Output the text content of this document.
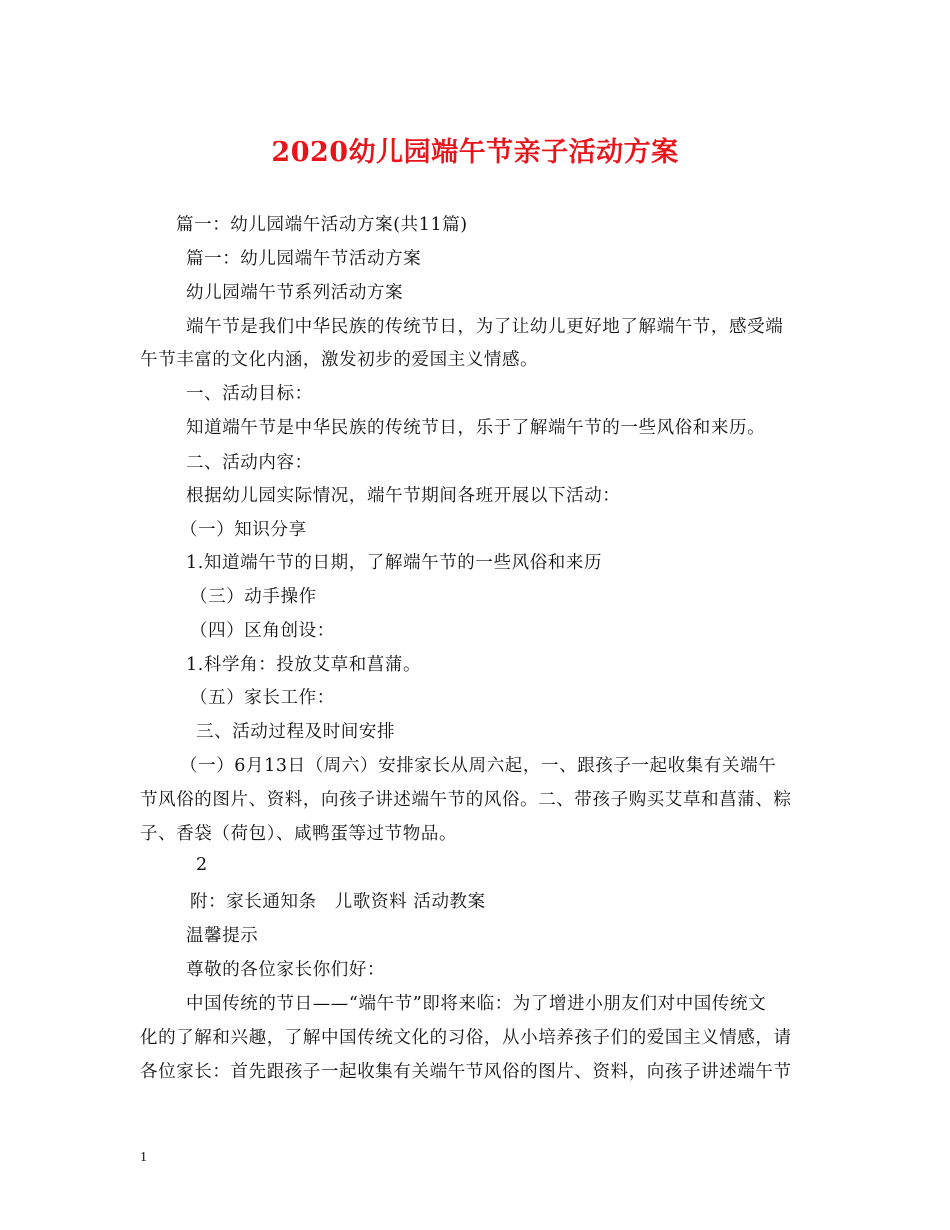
2020幼儿园端午节亲子活动方案
篇一：幼儿园端午活动方案(共11篇)
篇一：幼儿园端午节活动方案
幼儿园端午节系列活动方案
端午节是我们中华民族的传统节日，为了让幼儿更好地了解端午节，感受端
午节丰富的文化内涵，激发初步的爱国主义情感。
一、活动目标：
知道端午节是中华民族的传统节日，乐于了解端午节的一些风俗和来历。
二、活动内容：
根据幼儿园实际情况，端午节期间各班开展以下活动：
（一）知识分享
1.知道端午节的日期，了解端午节的一些风俗和来历
（三）动手操作
（四）区角创设：
1.科学角：投放艾草和菖蒲。
（五）家长工作：
三、活动过程及时间安排
（一）6月13日（周六）安排家长从周六起，一、跟孩子一起收集有关端午
节风俗的图片、资料，向孩子讲述端午节的风俗。二、带孩子购买艾草和菖蒲、粽
子、香袋（荷包）、咸鸭蛋等过节物品。
2
附：家长通知条　儿歌资料 活动教案
温馨提示
尊敬的各位家长你们好：
中国传统的节日——“端午节”即将来临：为了增进小朋友们对中国传统文
化的了解和兴趣，了解中国传统文化的习俗，从小培养孩子们的爱国主义情感，请
各位家长：首先跟孩子一起收集有关端午节风俗的图片、资料，向孩子讲述端午节
1
